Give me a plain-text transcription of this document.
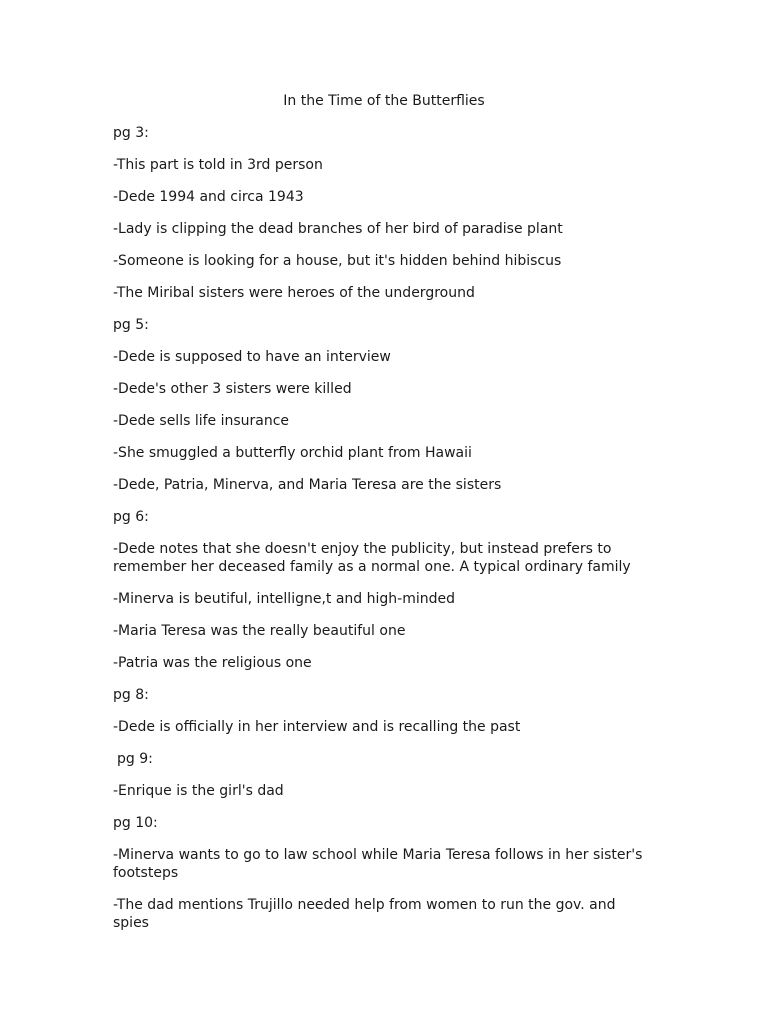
In the Time of the Butterflies

pg 3:

-This part is told in 3rd person

-Dede 1994 and circa 1943

-Lady is clipping the dead branches of her bird of paradise plant

-Someone is looking for a house, but it's hidden behind hibiscus

-The Miribal sisters were heroes of the underground

pg 5:

-Dede is supposed to have an interview

-Dede's other 3 sisters were killed

-Dede sells life insurance

-She smuggled a butterfly orchid plant from Hawaii

-Dede, Patria, Minerva, and Maria Teresa are the sisters

pg 6:

-Dede notes that she doesn't enjoy the publicity, but instead prefers to remember her deceased family as a normal one. A typical ordinary family

-Minerva is beutiful, intelligne,t and high-minded

-Maria Teresa was the really beautiful one

-Patria was the religious one

pg 8:

-Dede is officially in her interview and is recalling the past

pg 9:

-Enrique is the girl's dad

pg 10:

-Minerva wants to go to law school while Maria Teresa follows in her sister's footsteps

-The dad mentions Trujillo needed help from women to run the gov. and spies
